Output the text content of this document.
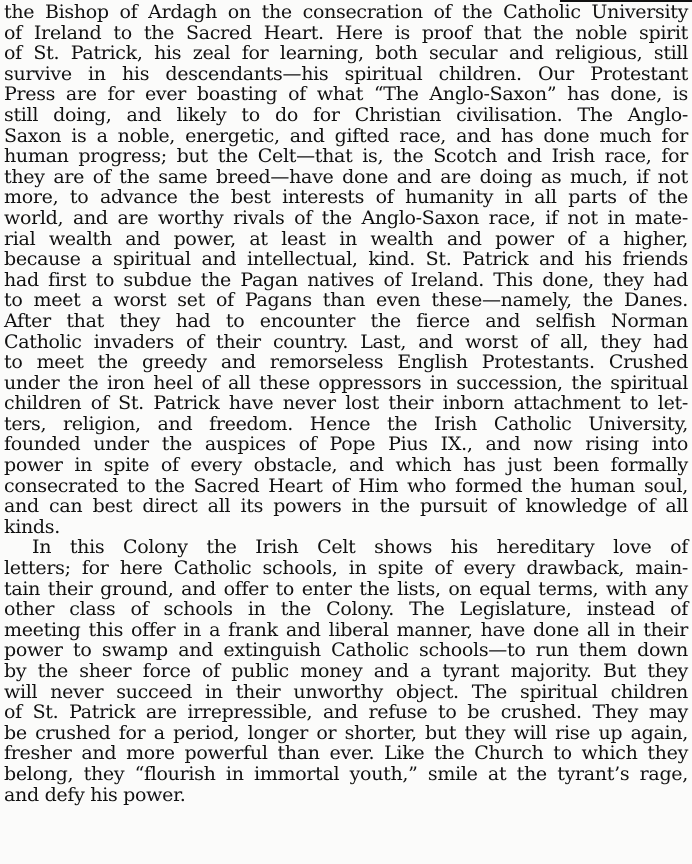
the Bishop of Ardagh on the consecration of the Catholic University
of Ireland to the Sacred Heart. Here is proof that the noble spirit
of St. Patrick, his zeal for learning, both secular and religious, still
survive in his descendants—his spiritual children. Our Protestant
Press are for ever boasting of what “The Anglo-Saxon” has done, is
still doing, and likely to do for Christian civilisation. The Anglo-
Saxon is a noble, energetic, and gifted race, and has done much for
human progress; but the Celt—that is, the Scotch and Irish race, for
they are of the same breed—have done and are doing as much, if not
more, to advance the best interests of humanity in all parts of the
world, and are worthy rivals of the Anglo-Saxon race, if not in mate-
rial wealth and power, at least in wealth and power of a higher,
because a spiritual and intellectual, kind. St. Patrick and his friends
had first to subdue the Pagan natives of Ireland. This done, they had
to meet a worst set of Pagans than even these—namely, the Danes.
After that they had to encounter the fierce and selfish Norman
Catholic invaders of their country. Last, and worst of all, they had
to meet the greedy and remorseless English Protestants. Crushed
under the iron heel of all these oppressors in succession, the spiritual
children of St. Patrick have never lost their inborn attachment to let-
ters, religion, and freedom. Hence the Irish Catholic University,
founded under the auspices of Pope Pius IX., and now rising into
power in spite of every obstacle, and which has just been formally
consecrated to the Sacred Heart of Him who formed the human soul,
and can best direct all its powers in the pursuit of knowledge of all
kinds.
In this Colony the Irish Celt shows his hereditary love of
letters; for here Catholic schools, in spite of every drawback, main-
tain their ground, and offer to enter the lists, on equal terms, with any
other class of schools in the Colony. The Legislature, instead of
meeting this offer in a frank and liberal manner, have done all in their
power to swamp and extinguish Catholic schools—to run them down
by the sheer force of public money and a tyrant majority. But they
will never succeed in their unworthy object. The spiritual children
of St. Patrick are irrepressible, and refuse to be crushed. They may
be crushed for a period, longer or shorter, but they will rise up again,
fresher and more powerful than ever. Like the Church to which they
belong, they “flourish in immortal youth,” smile at the tyrant’s rage,
and defy his power.
